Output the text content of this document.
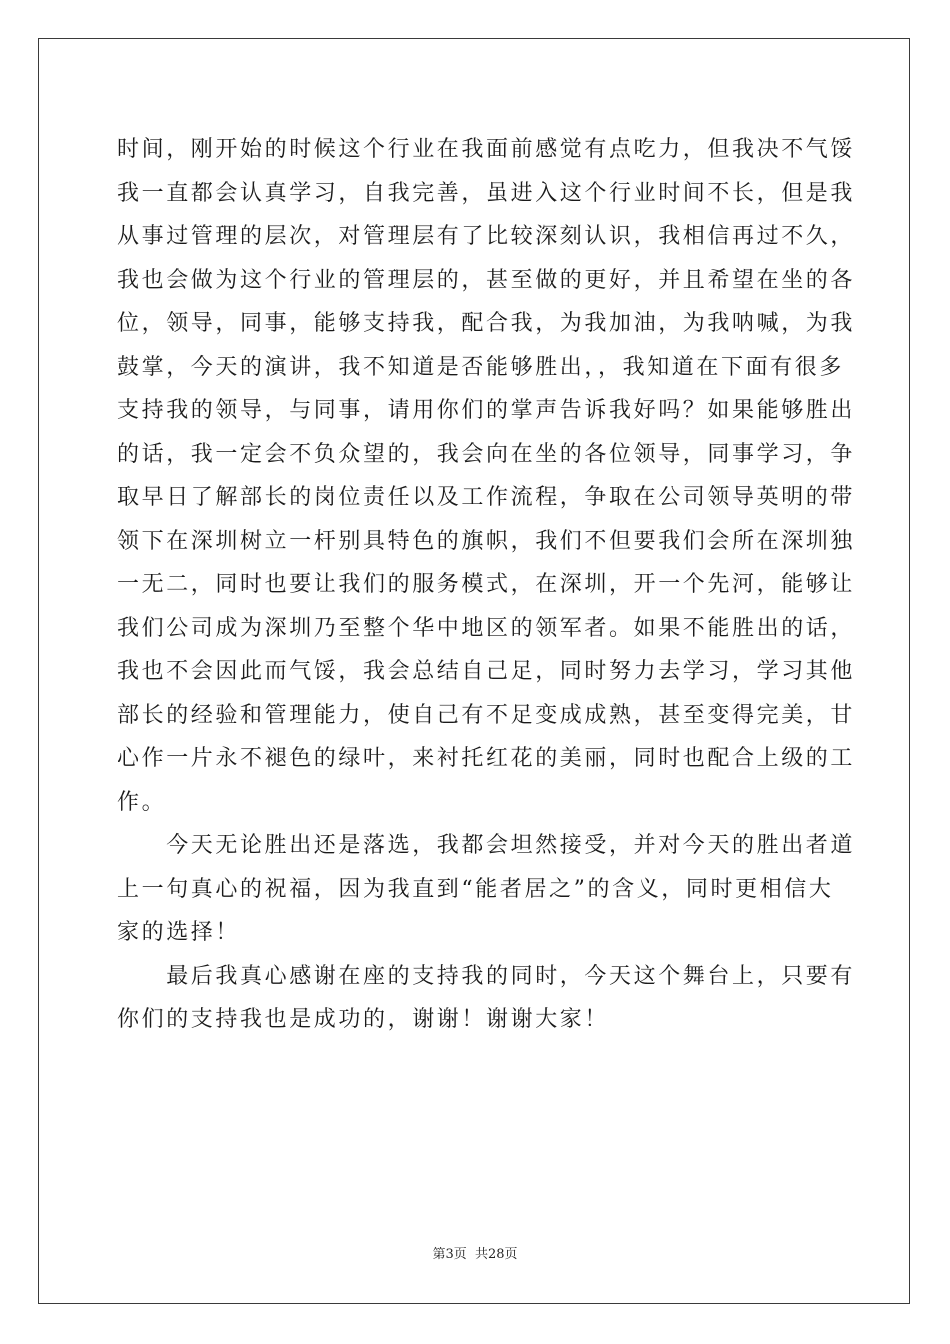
时间，刚开始的时候这个行业在我面前感觉有点吃力，但我决不气馁
我一直都会认真学习，自我完善，虽进入这个行业时间不长，但是我
从事过管理的层次，对管理层有了比较深刻认识，我相信再过不久，
我也会做为这个行业的管理层的，甚至做的更好，并且希望在坐的各
位，领导，同事，能够支持我，配合我，为我加油，为我呐喊，为我
鼓掌，今天的演讲，我不知道是否能够胜出，，我知道在下面有很多
支持我的领导，与同事，请用你们的掌声告诉我好吗？如果能够胜出
的话，我一定会不负众望的，我会向在坐的各位领导，同事学习，争
取早日了解部长的岗位责任以及工作流程，争取在公司领导英明的带
领下在深圳树立一杆别具特色的旗帜，我们不但要我们会所在深圳独
一无二，同时也要让我们的服务模式，在深圳，开一个先河，能够让
我们公司成为深圳乃至整个华中地区的领军者。如果不能胜出的话，
我也不会因此而气馁，我会总结自己足，同时努力去学习，学习其他
部长的经验和管理能力，使自己有不足变成成熟，甚至变得完美，甘
心作一片永不褪色的绿叶，来衬托红花的美丽，同时也配合上级的工
作。
　　今天无论胜出还是落选，我都会坦然接受，并对今天的胜出者道
上一句真心的祝福，因为我直到“能者居之”的含义，同时更相信大
家的选择！
　　最后我真心感谢在座的支持我的同时，今天这个舞台上，只要有
你们的支持我也是成功的，谢谢！谢谢大家！
第3页 共28页
